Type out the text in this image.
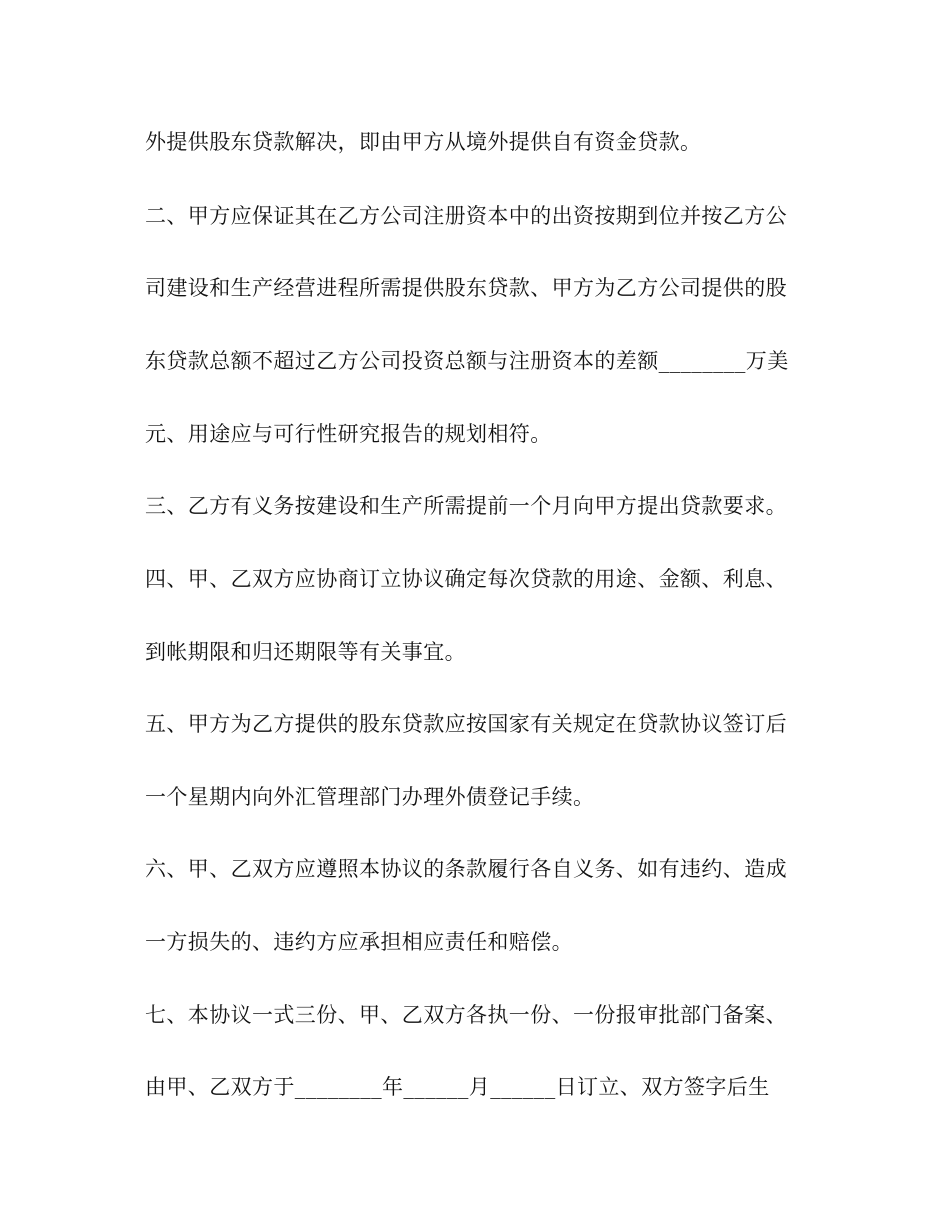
外提供股东贷款解决，即由甲方从境外提供自有资金贷款。

二、甲方应保证其在乙方公司注册资本中的出资按期到位并按乙方公

司建设和生产经营进程所需提供股东贷款、甲方为乙方公司提供的股

东贷款总额不超过乙方公司投资总额与注册资本的差额________万美

元、用途应与可行性研究报告的规划相符。

三、乙方有义务按建设和生产所需提前一个月向甲方提出贷款要求。

四、甲、乙双方应协商订立协议确定每次贷款的用途、金额、利息、

到帐期限和归还期限等有关事宜。

五、甲方为乙方提供的股东贷款应按国家有关规定在贷款协议签订后

一个星期内向外汇管理部门办理外债登记手续。

六、甲、乙双方应遵照本协议的条款履行各自义务、如有违约、造成

一方损失的、违约方应承担相应责任和赔偿。

七、本协议一式三份、甲、乙双方各执一份、一份报审批部门备案、

由甲、乙双方于________年______月______日订立、双方签字后生
